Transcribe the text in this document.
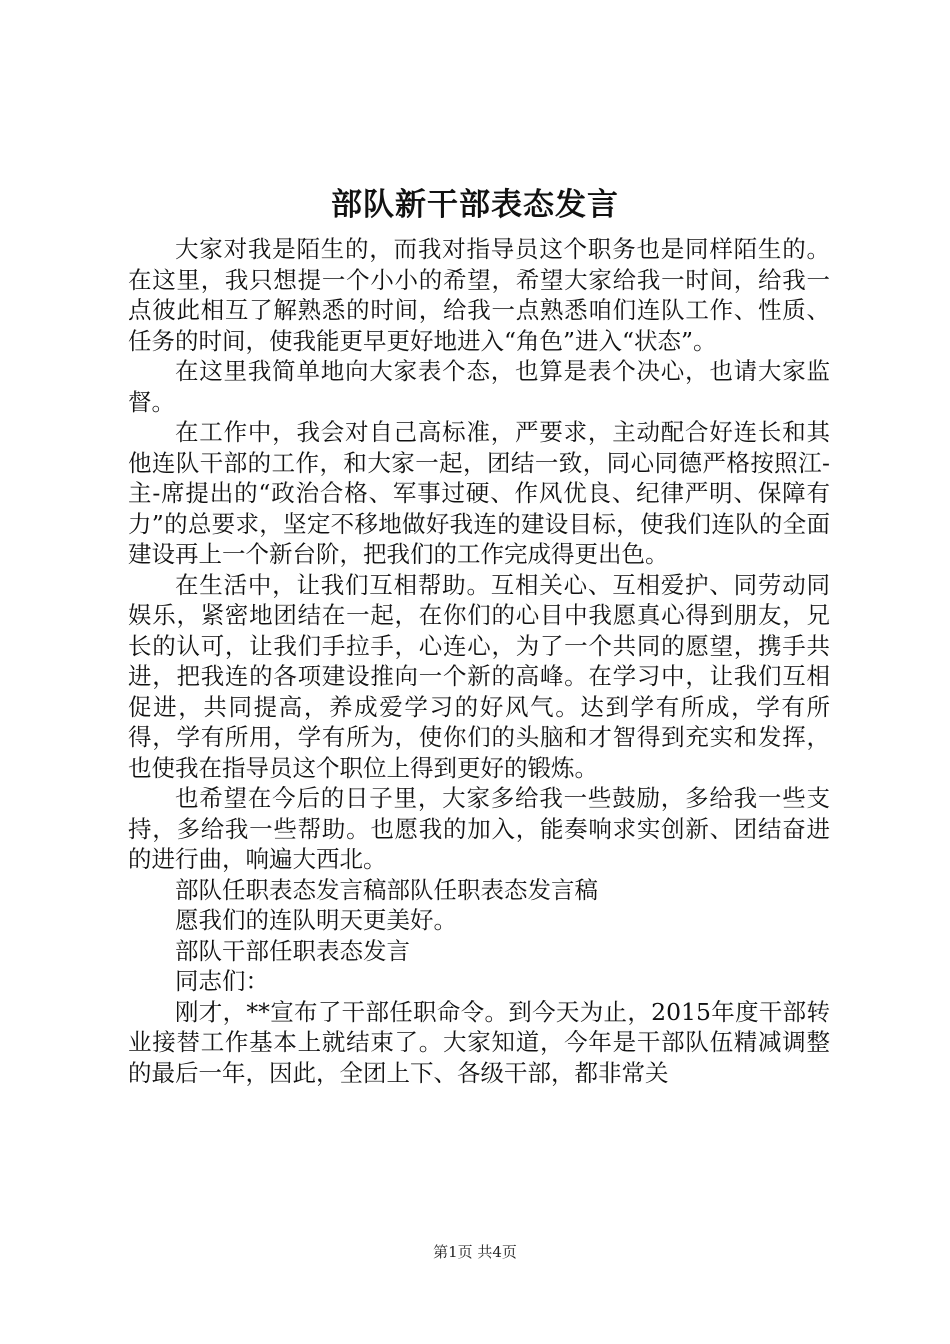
部队新干部表态发言

大家对我是陌生的，而我对指导员这个职务也是同样陌生的。在这里，我只想提一个小小的希望，希望大家给我一时间，给我一点彼此相互了解熟悉的时间，给我一点熟悉咱们连队工作、性质、任务的时间，使我能更早更好地进入“角色”进入“状态”。

在这里我简单地向大家表个态，也算是表个决心，也请大家监督。

在工作中，我会对自己高标准，严要求，主动配合好连长和其他连队干部的工作，和大家一起，团结一致，同心同德严格按照江-主-席提出的“政治合格、军事过硬、作风优良、纪律严明、保障有力”的总要求，坚定不移地做好我连的建设目标，使我们连队的全面建设再上一个新台阶，把我们的工作完成得更出色。

在生活中，让我们互相帮助。互相关心、互相爱护、同劳动同娱乐，紧密地团结在一起，在你们的心目中我愿真心得到朋友，兄长的认可，让我们手拉手，心连心，为了一个共同的愿望，携手共进，把我连的各项建设推向一个新的高峰。在学习中，让我们互相促进，共同提高，养成爱学习的好风气。达到学有所成，学有所得，学有所用，学有所为，使你们的头脑和才智得到充实和发挥，也使我在指导员这个职位上得到更好的锻炼。

也希望在今后的日子里，大家多给我一些鼓励，多给我一些支持，多给我一些帮助。也愿我的加入，能奏响求实创新、团结奋进的进行曲，响遍大西北。

部队任职表态发言稿部队任职表态发言稿

愿我们的连队明天更美好。

部队干部任职表态发言

同志们：

刚才，**宣布了干部任职命令。到今天为止，2015年度干部转业接替工作基本上就结束了。大家知道，今年是干部队伍精减调整的最后一年，因此，全团上下、各级干部，都非常关

第1页 共4页
